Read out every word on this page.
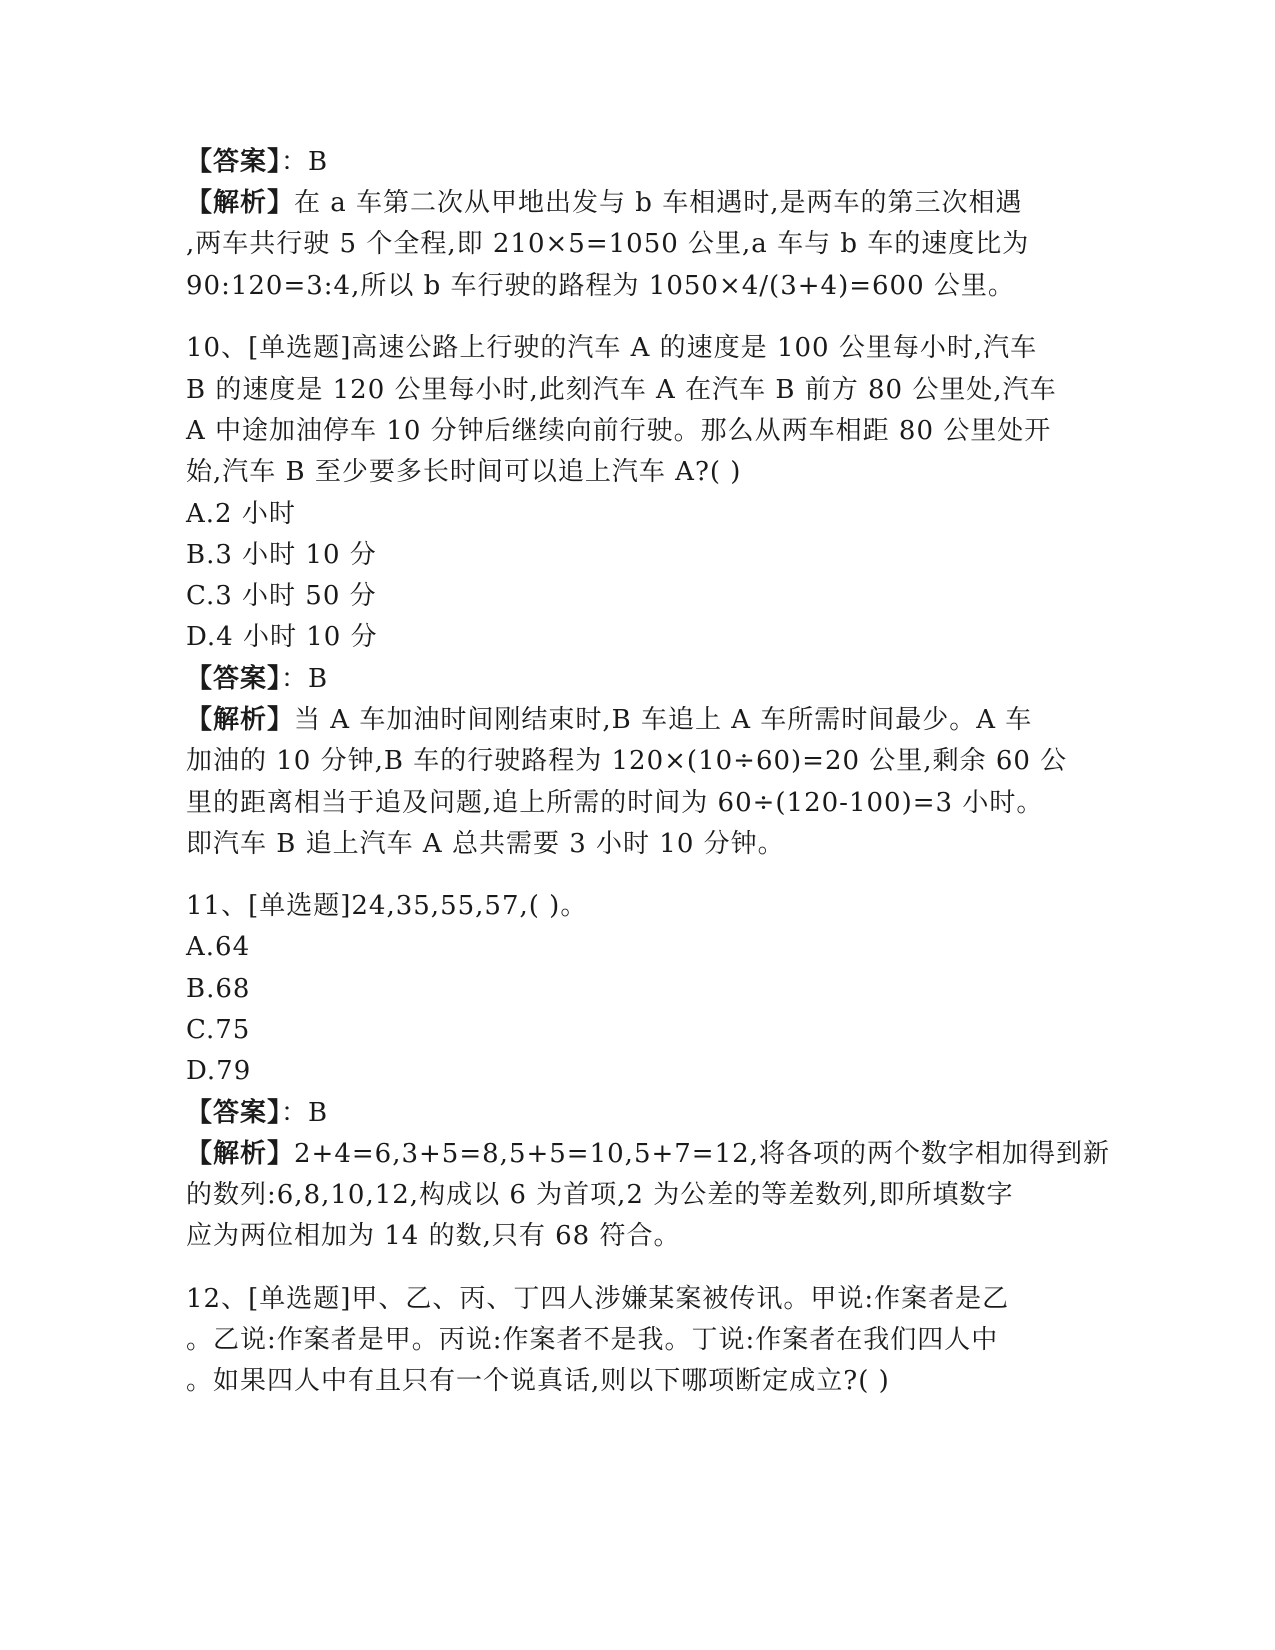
【答案】：B
【解析】在 a 车第二次从甲地出发与 b 车相遇时,是两车的第三次相遇
,两车共行驶 5 个全程,即 210×5=1050 公里,a 车与 b 车的速度比为
90:120=3:4,所以 b 车行驶的路程为 1050×4/(3+4)=600 公里。
10、[单选题]高速公路上行驶的汽车 A 的速度是 100 公里每小时,汽车
B 的速度是 120 公里每小时,此刻汽车 A 在汽车 B 前方 80 公里处,汽车
A 中途加油停车 10 分钟后继续向前行驶。那么从两车相距 80 公里处开
始,汽车 B 至少要多长时间可以追上汽车 A?( )
A.2 小时
B.3 小时 10 分
C.3 小时 50 分
D.4 小时 10 分
【答案】：B
【解析】当 A 车加油时间刚结束时,B 车追上 A 车所需时间最少。A 车
加油的 10 分钟,B 车的行驶路程为 120×(10÷60)=20 公里,剩余 60 公
里的距离相当于追及问题,追上所需的时间为 60÷(120-100)=3 小时。
即汽车 B 追上汽车 A 总共需要 3 小时 10 分钟。
11、[单选题]24,35,55,57,( )。
A.64
B.68
C.75
D.79
【答案】：B
【解析】2+4=6,3+5=8,5+5=10,5+7=12,将各项的两个数字相加得到新
的数列:6,8,10,12,构成以 6 为首项,2 为公差的等差数列,即所填数字
应为两位相加为 14 的数,只有 68 符合。
12、[单选题]甲、乙、丙、丁四人涉嫌某案被传讯。甲说:作案者是乙
。乙说:作案者是甲。丙说:作案者不是我。丁说:作案者在我们四人中
。如果四人中有且只有一个说真话,则以下哪项断定成立?( )
